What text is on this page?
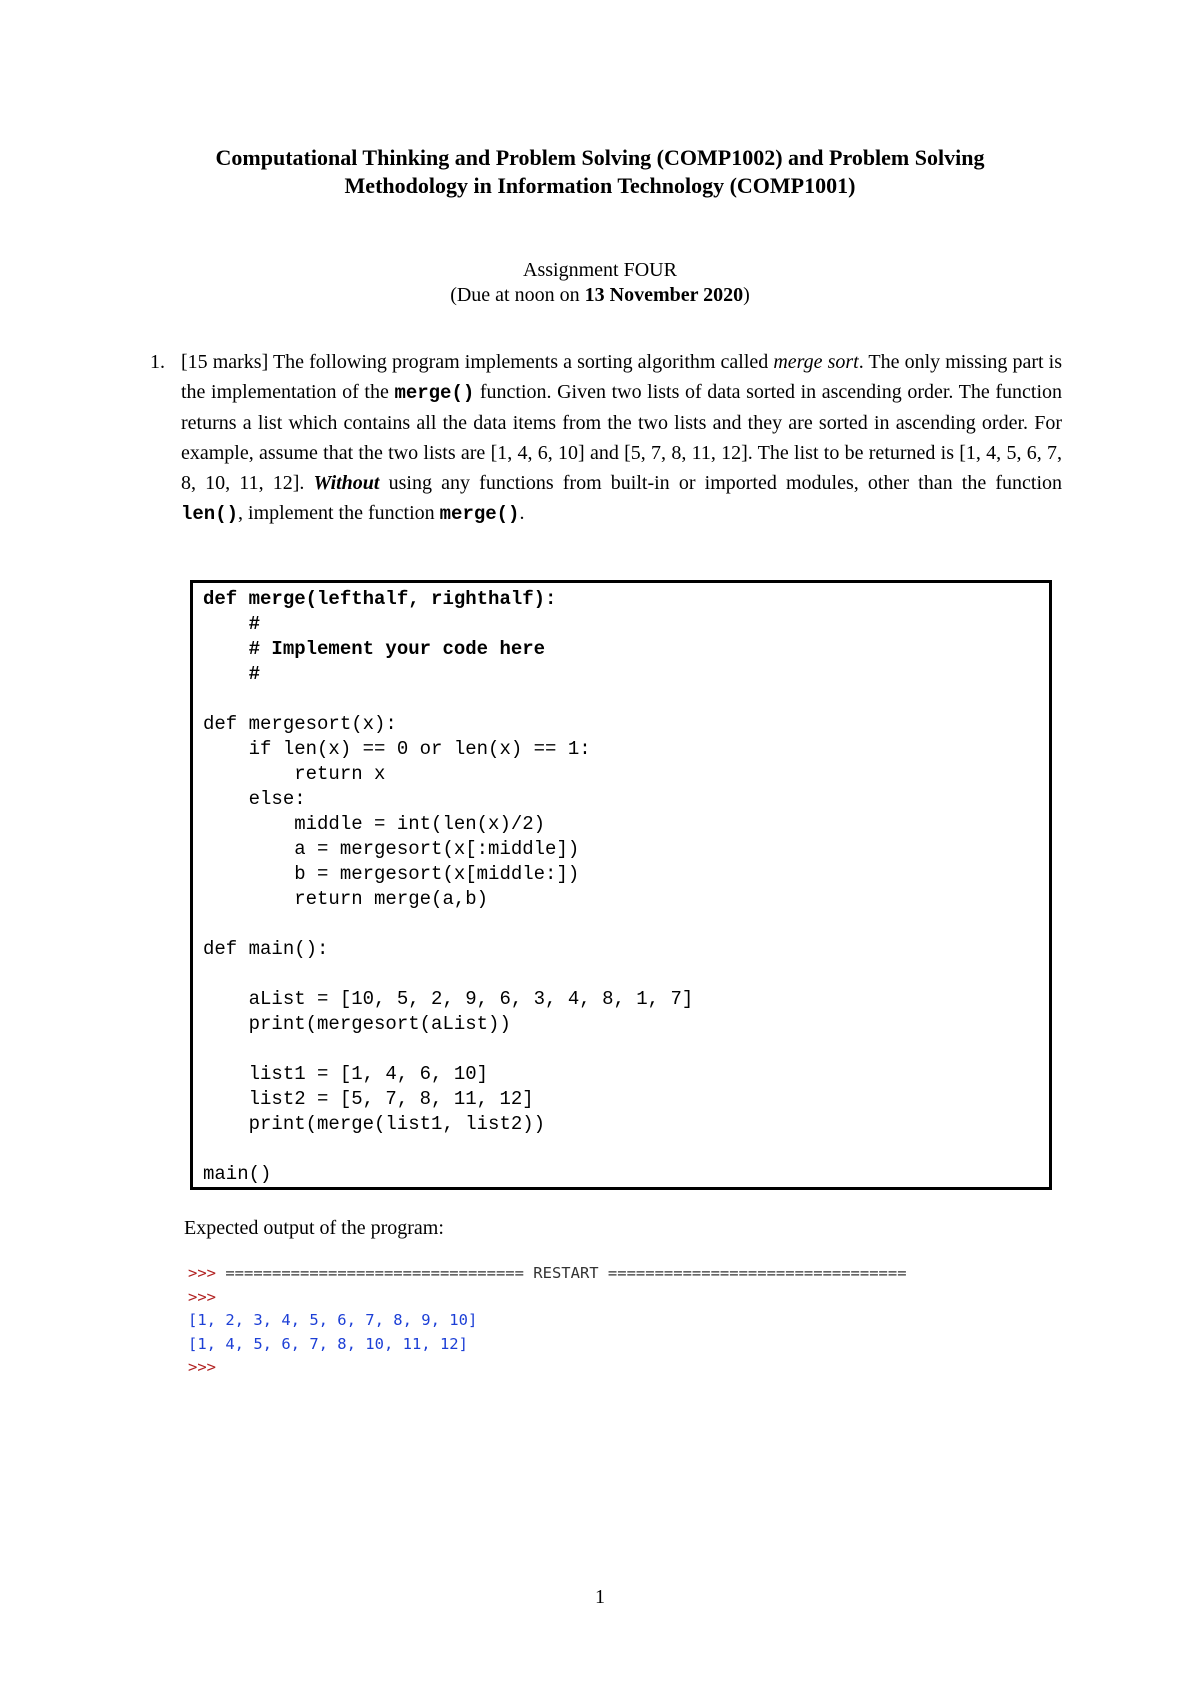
Computational Thinking and Problem Solving (COMP1002) and Problem Solving
Methodology in Information Technology (COMP1001)
Assignment FOUR
(Due at noon on 13 November 2020)
1. [15 marks] The following program implements a sorting algorithm called merge sort. The only missing part is the implementation of the merge() function. Given two lists of data sorted in ascending order. The function returns a list which contains all the data items from the two lists and they are sorted in ascending order. For example, assume that the two lists are [1, 4, 6, 10] and [5, 7, 8, 11, 12]. The list to be returned is [1, 4, 5, 6, 7, 8, 10, 11, 12]. Without using any functions from built-in or imported modules, other than the function len(), implement the function merge().
def merge(lefthalf, righthalf):
#
# Implement your code here
#

def mergesort(x):
if len(x) == 0 or len(x) == 1:
return x
else:
middle = int(len(x)/2)
a = mergesort(x[:middle])
b = mergesort(x[middle:])
return merge(a,b)

def main():

aList = [10, 5, 2, 9, 6, 3, 4, 8, 1, 7]
print(mergesort(aList))

list1 = [1, 4, 6, 10]
list2 = [5, 7, 8, 11, 12]
print(merge(list1, list2))

main()
Expected output of the program:
>>> ================================ RESTART ================================
>>>
[1, 2, 3, 4, 5, 6, 7, 8, 9, 10]
[1, 4, 5, 6, 7, 8, 10, 11, 12]
>>>
1
